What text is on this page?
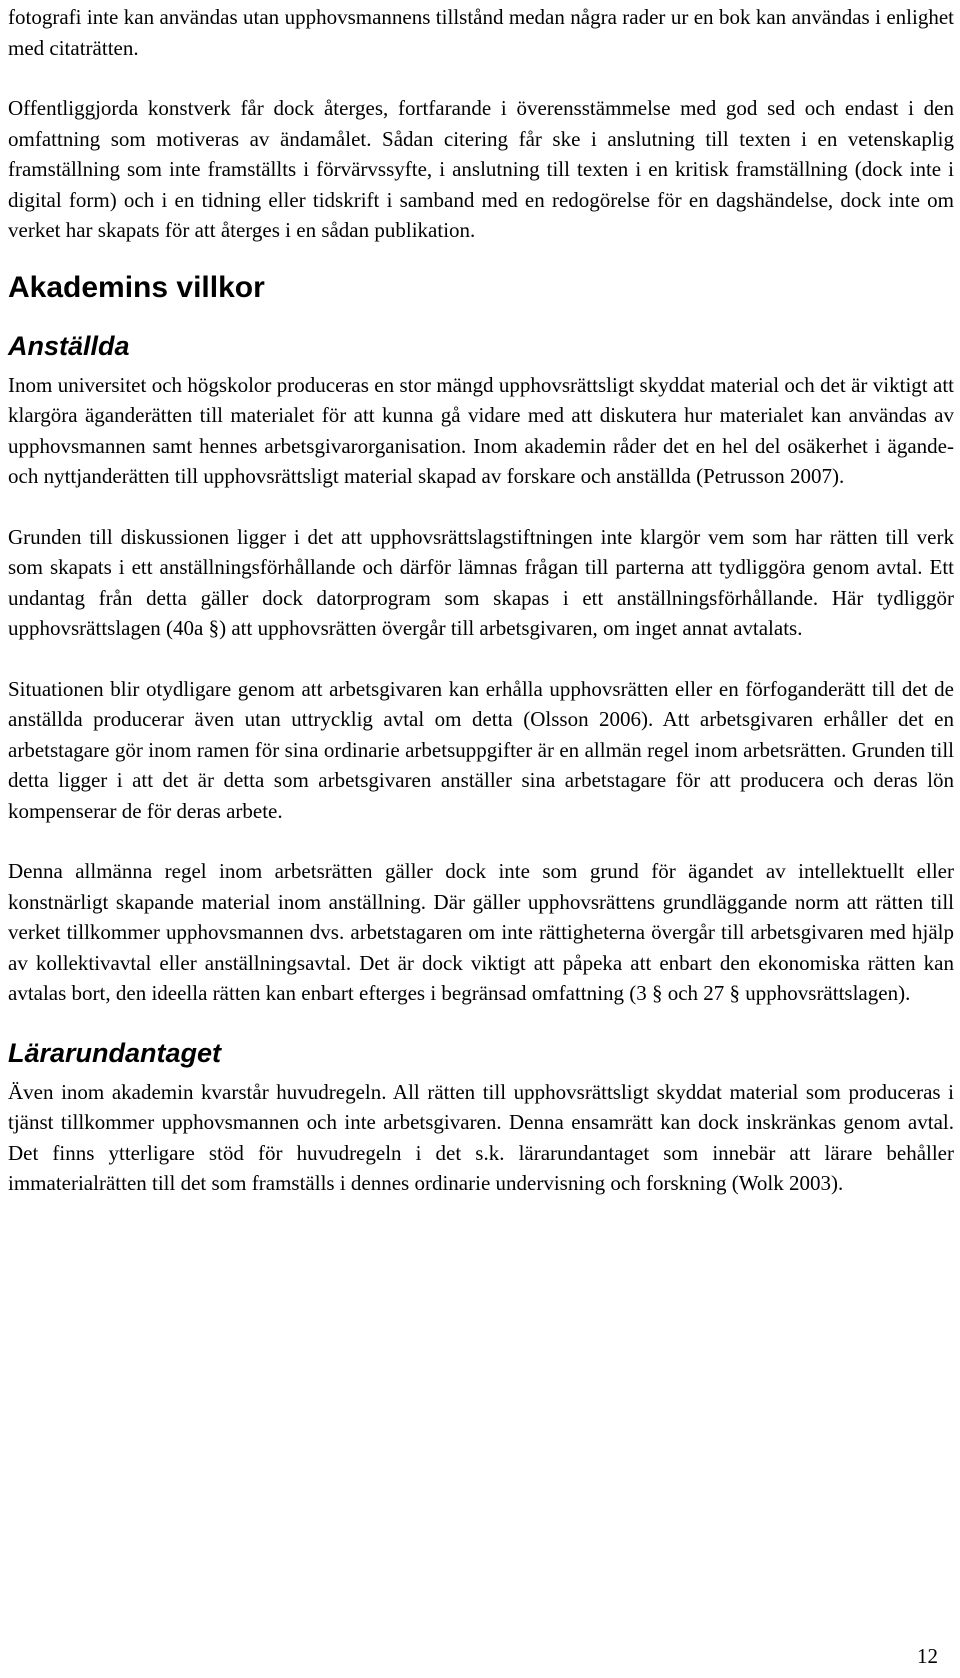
fotografi inte kan användas utan upphovsmannens tillstånd medan några rader ur en bok kan användas i enlighet med citaträtten.

Offentliggjorda konstverk får dock återges, fortfarande i överensstämmelse med god sed och endast i den omfattning som motiveras av ändamålet. Sådan citering får ske i anslutning till texten i en vetenskaplig framställning som inte framställts i förvärvssyfte, i anslutning till texten i en kritisk framställning (dock inte i digital form) och i en tidning eller tidskrift i samband med en redogörelse för en dagshändelse, dock inte om verket har skapats för att återges i en sådan publikation.

Akademins villkor
Anställda

Inom universitet och högskolor produceras en stor mängd upphovsrättsligt skyddat material och det är viktigt att klargöra äganderätten till materialet för att kunna gå vidare med att diskutera hur materialet kan användas av upphovsmannen samt hennes arbetsgivarorganisation. Inom akademin råder det en hel del osäkerhet i ägande- och nyttjanderätten till upphovsrättsligt material skapad av forskare och anställda (Petrusson 2007).

Grunden till diskussionen ligger i det att upphovsrättslagstiftningen inte klargör vem som har rätten till verk som skapats i ett anställningsförhållande och därför lämnas frågan till parterna att tydliggöra genom avtal. Ett undantag från detta gäller dock datorprogram som skapas i ett anställningsförhållande. Här tydliggör upphovsrättslagen (40a §) att upphovsrätten övergår till arbetsgivaren, om inget annat avtalats.

Situationen blir otydligare genom att arbetsgivaren kan erhålla upphovsrätten eller en förfoganderätt till det de anställda producerar även utan uttrycklig avtal om detta (Olsson 2006). Att arbetsgivaren erhåller det en arbetstagare gör inom ramen för sina ordinarie arbetsuppgifter är en allmän regel inom arbetsrätten. Grunden till detta ligger i att det är detta som arbetsgivaren anställer sina arbetstagare för att producera och deras lön kompenserar de för deras arbete.

Denna allmänna regel inom arbetsrätten gäller dock inte som grund för ägandet av intellektuellt eller konstnärligt skapande material inom anställning. Där gäller upphovsrättens grundläggande norm att rätten till verket tillkommer upphovsmannen dvs. arbetstagaren om inte rättigheterna övergår till arbetsgivaren med hjälp av kollektivavtal eller anställningsavtal. Det är dock viktigt att påpeka att enbart den ekonomiska rätten kan avtalas bort, den ideella rätten kan enbart efterges i begränsad omfattning (3 § och 27 § upphovsrättslagen).

Lärarundantaget

Även inom akademin kvarstår huvudregeln. All rätten till upphovsrättsligt skyddat material som produceras i tjänst tillkommer upphovsmannen och inte arbetsgivaren. Denna ensamrätt kan dock inskränkas genom avtal. Det finns ytterligare stöd för huvudregeln i det s.k. lärarundantaget som innebär att lärare behåller immaterialrätten till det som framställs i dennes ordinarie undervisning och forskning (Wolk 2003).

12
